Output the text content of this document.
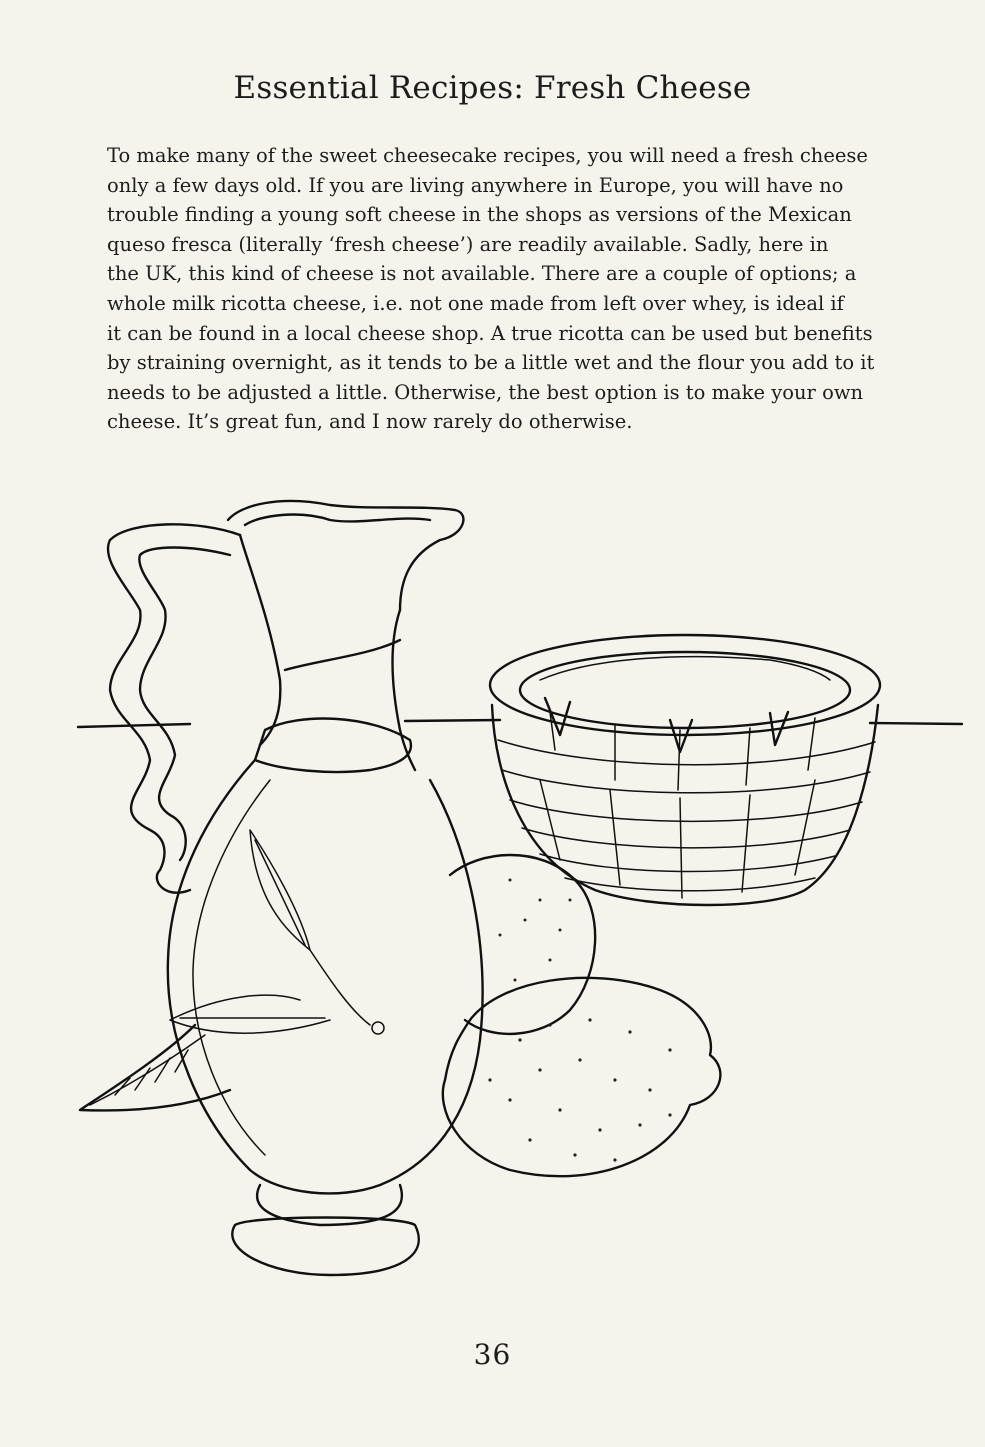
Essential Recipes: Fresh Cheese

To make many of the sweet cheesecake recipes, you will need a fresh cheese
only a few days old. If you are living anywhere in Europe, you will have no
trouble finding a young soft cheese in the shops as versions of the Mexican
queso fresca (literally ‘fresh cheese’) are readily available. Sadly, here in
the UK, this kind of cheese is not available. There are a couple of options; a
whole milk ricotta cheese, i.e. not one made from left over whey, is ideal if
it can be found in a local cheese shop. A true ricotta can be used but benefits
by straining overnight, as it tends to be a little wet and the flour you add to it
needs to be adjusted a little. Otherwise, the best option is to make your own
cheese. It’s great fun, and I now rarely do otherwise.

36
